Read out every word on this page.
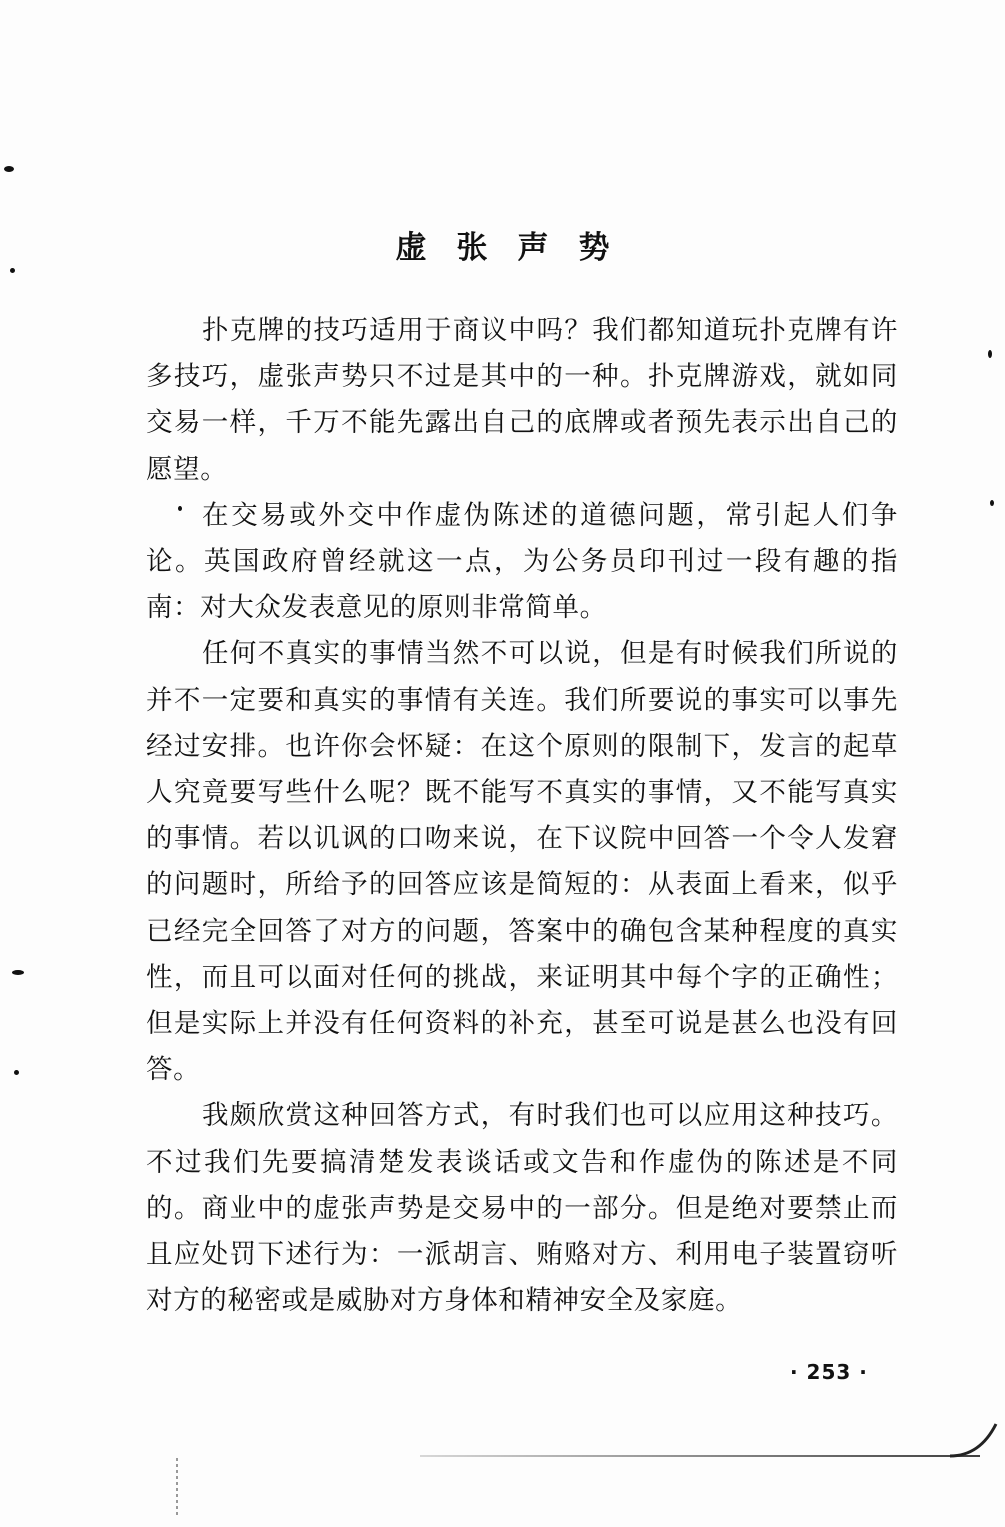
虚张声势

扑克牌的技巧适用于商议中吗？我们都知道玩扑克牌有许多技巧，虚张声势只不过是其中的一种。扑克牌游戏，就如同交易一样，千万不能先露出自己的底牌或者预先表示出自己的愿望。

在交易或外交中作虚伪陈述的道德问题，常引起人们争论。英国政府曾经就这一点，为公务员印刊过一段有趣的指南：对大众发表意见的原则非常简单。

任何不真实的事情当然不可以说，但是有时候我们所说的并不一定要和真实的事情有关连。我们所要说的事实可以事先经过安排。也许你会怀疑：在这个原则的限制下，发言的起草人究竟要写些什么呢？既不能写不真实的事情，又不能写真实的事情。若以讥讽的口吻来说，在下议院中回答一个令人发窘的问题时，所给予的回答应该是简短的：从表面上看来，似乎已经完全回答了对方的问题，答案中的确包含某种程度的真实性，而且可以面对任何的挑战，来证明其中每个字的正确性；但是实际上并没有任何资料的补充，甚至可说是甚么也没有回答。

我颇欣赏这种回答方式，有时我们也可以应用这种技巧。不过我们先要搞清楚发表谈话或文告和作虚伪的陈述是不同的。商业中的虚张声势是交易中的一部分。但是绝对要禁止而且应处罚下述行为：一派胡言、贿赂对方、利用电子装置窃听对方的秘密或是威胁对方身体和精神安全及家庭。

· 253 ·
